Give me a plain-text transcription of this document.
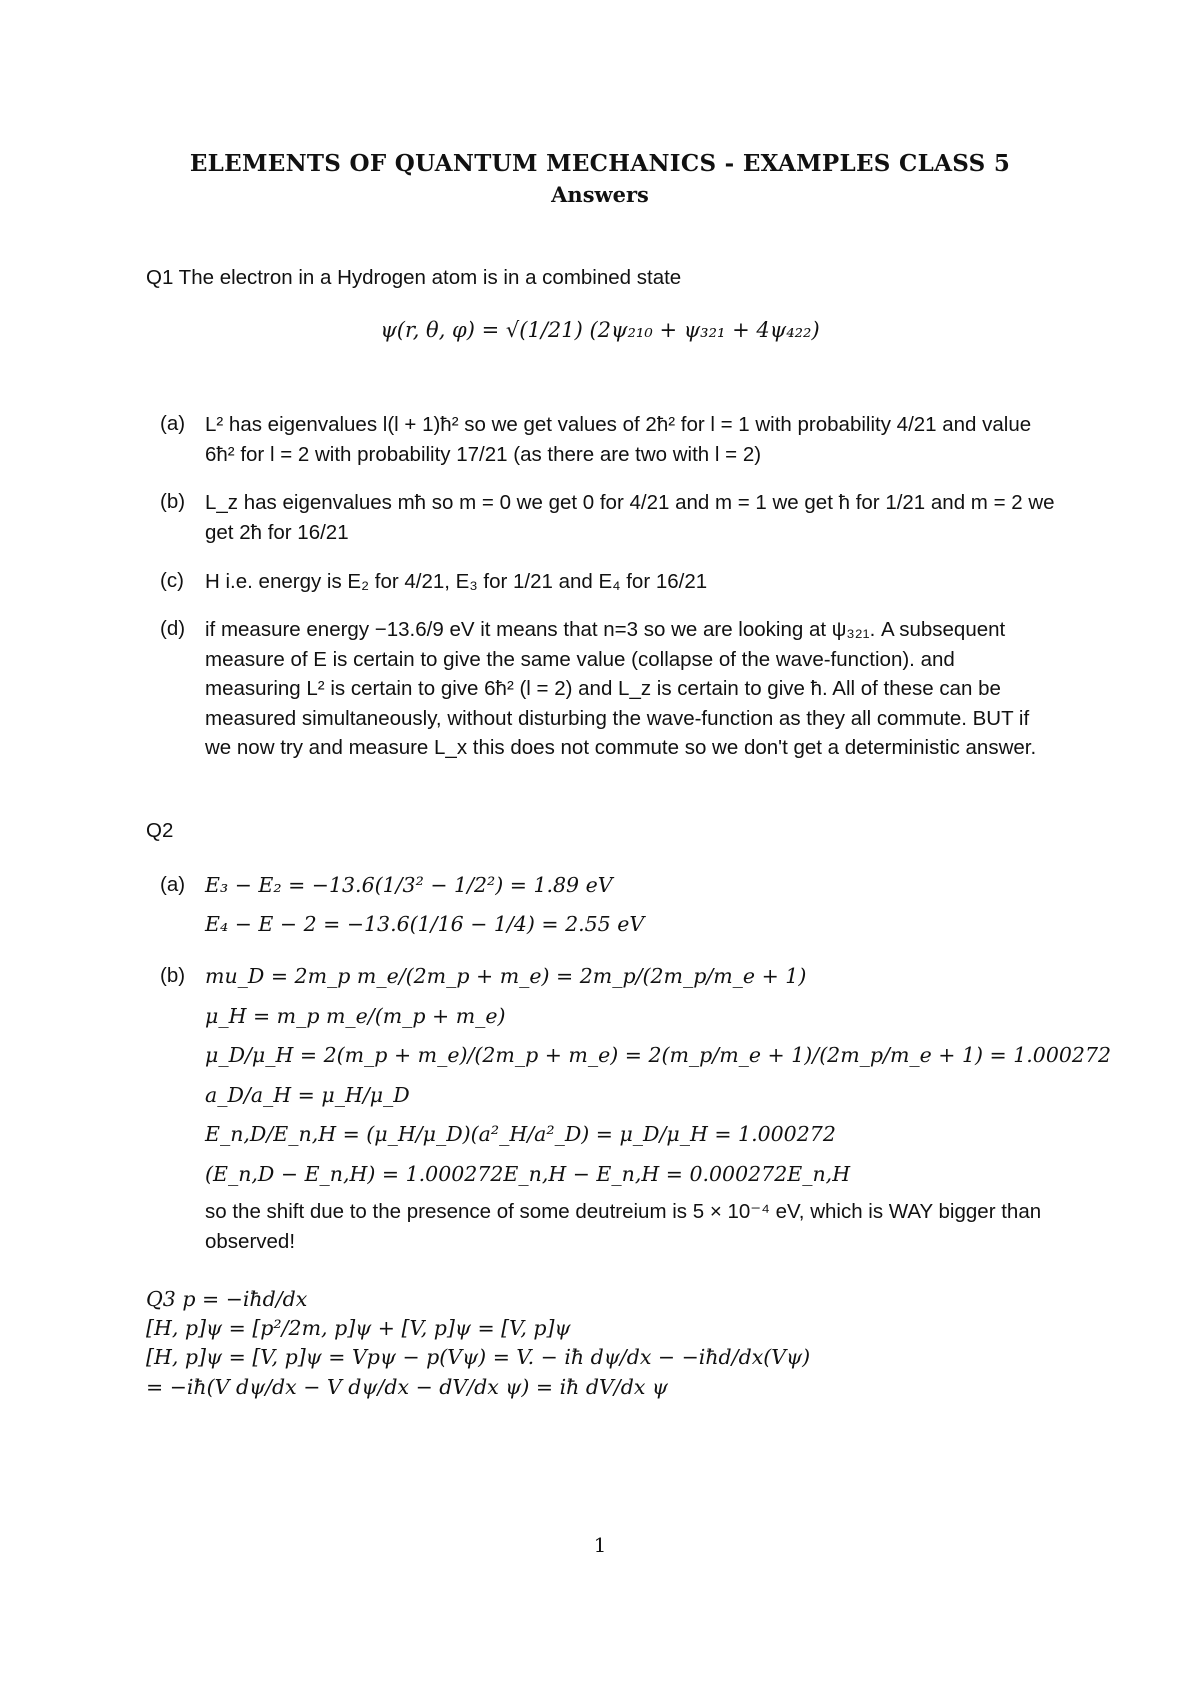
ELEMENTS OF QUANTUM MECHANICS - EXAMPLES CLASS 5
Answers
Q1 The electron in a Hydrogen atom is in a combined state
ψ(r, θ, φ) = √(1/21) (2ψ₂₁₀ + ψ₃₂₁ + 4ψ₄₂₂)
(a) L² has eigenvalues l(l + 1)ħ² so we get values of 2ħ² for l = 1 with probability 4/21 and value 6ħ² for l = 2 with probability 17/21 (as there are two with l = 2)
(b) L_z has eigenvalues mħ so m = 0 we get 0 for 4/21 and m = 1 we get ħ for 1/21 and m = 2 we get 2ħ for 16/21
(c) H i.e. energy is E₂ for 4/21, E₃ for 1/21 and E₄ for 16/21
(d) if measure energy −13.6/9 eV it means that n=3 so we are looking at ψ₃₂₁. A subsequent measure of E is certain to give the same value (collapse of the wave-function). and measuring L² is certain to give 6ħ² (l = 2) and L_z is certain to give ħ. All of these can be measured simultaneously, without disturbing the wave-function as they all commute. BUT if we now try and measure L_x this does not commute so we don't get a deterministic answer.
Q2
(a) E₃ − E₂ = −13.6(1/3² − 1/2²) = 1.89 eV
E₄ − E − 2 = −13.6(1/16 − 1/4) = 2.55 eV
(b) mu_D = 2m_p m_e/(2m_p + m_e) = 2m_p/(2m_p/m_e + 1)
μ_H = m_p m_e/(m_p + m_e)
μ_D/μ_H = 2(m_p + m_e)/(2m_p + m_e) = 2(m_p/m_e + 1)/(2m_p/m_e + 1) = 1.000272
a_D/a_H = μ_H/μ_D
E_n,D/E_n,H = (μ_H/μ_D)(a²_H/a²_D) = μ_D/μ_H = 1.000272
(E_n,D − E_n,H) = 1.000272E_n,H − E_n,H = 0.000272E_n,H
so the shift due to the presence of some deutreium is 5 × 10⁻⁴ eV, which is WAY bigger than observed!
Q3 p = −iħd/dx
[H, p]ψ = [p²/2m, p]ψ + [V, p]ψ = [V, p]ψ
[H, p]ψ = [V, p]ψ = Vpψ − p(Vψ) = V. − iħ dψ/dx − −iħd/dx(Vψ)
= −iħ(V dψ/dx − V dψ/dx − dV/dx ψ) = iħ dV/dx ψ
1
